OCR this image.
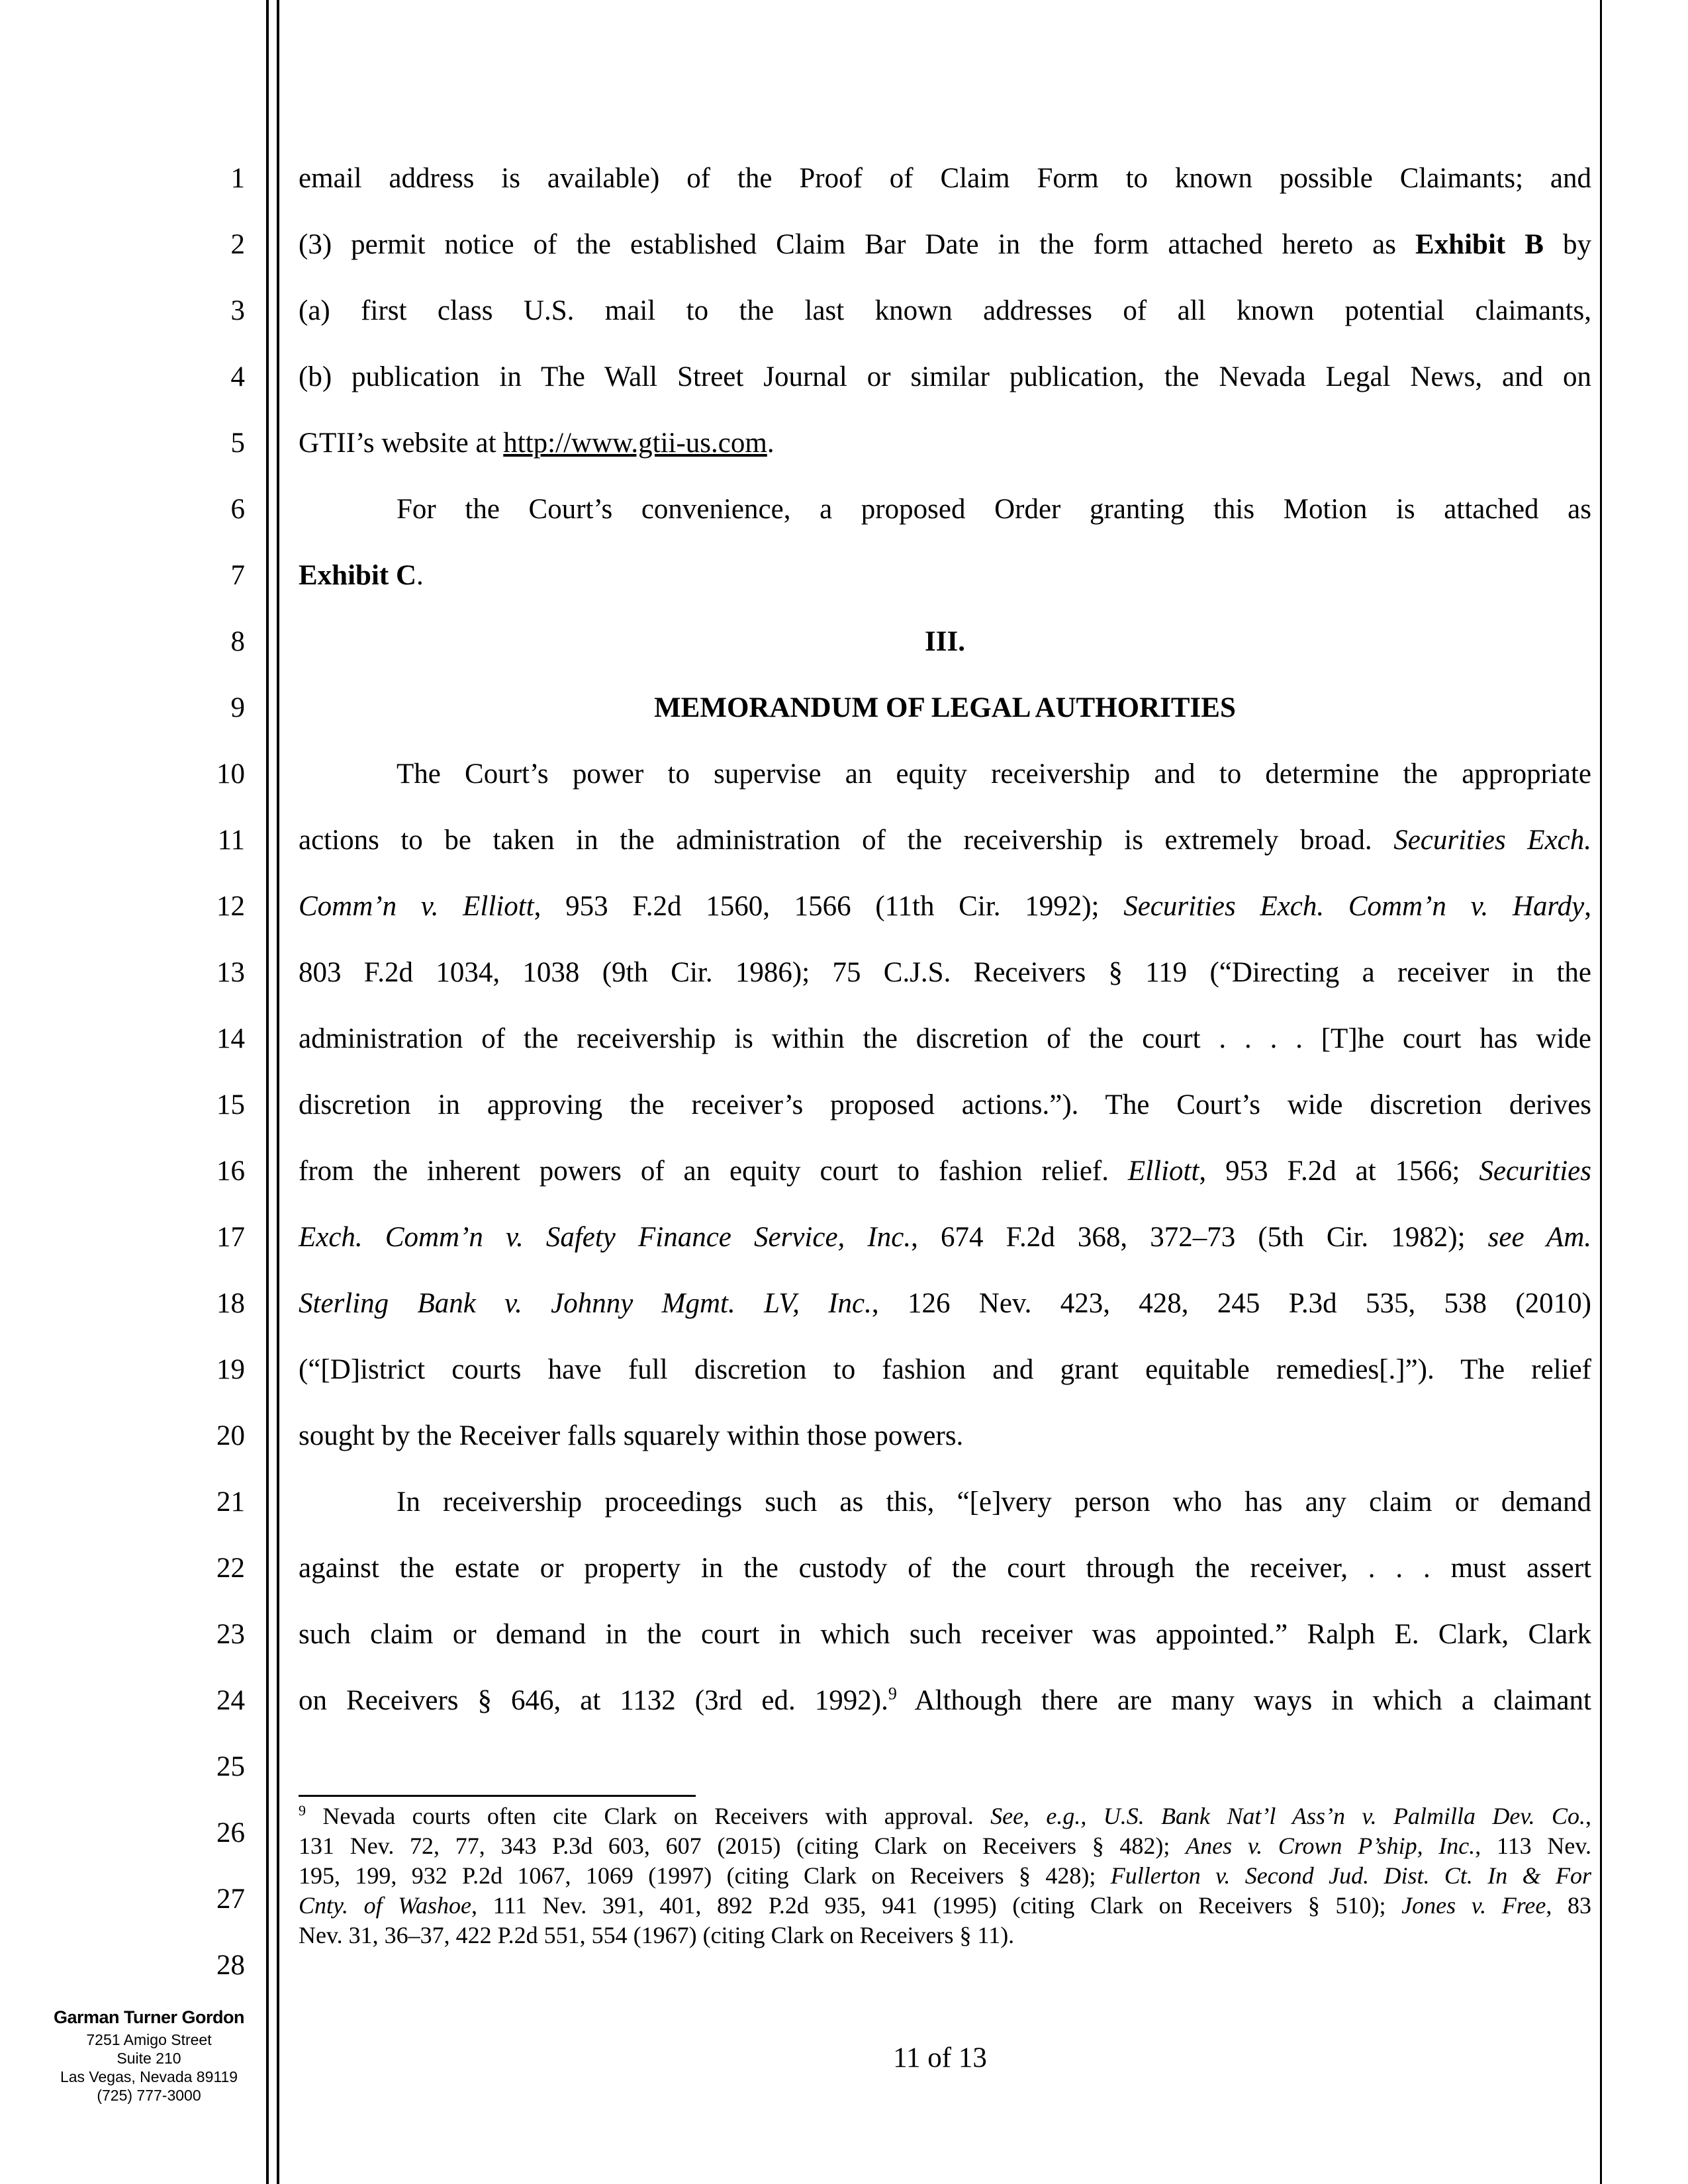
1
2
3
4
5
6
7
8
9
10
11
12
13
14
15
16
17
18
19
20
21
22
23
24
25
26
27
28
email address is available) of the Proof of Claim Form to known possible Claimants; and
(3) permit notice of the established Claim Bar Date in the form attached hereto as Exhibit B by
(a) first class U.S. mail to the last known addresses of all known potential claimants,
(b) publication in The Wall Street Journal or similar publication, the Nevada Legal News, and on
GTII’s website at http://www.gtii-us.com.
For the Court’s convenience, a proposed Order granting this Motion is attached as
Exhibit C.
III.
MEMORANDUM OF LEGAL AUTHORITIES
The Court’s power to supervise an equity receivership and to determine the appropriate
actions to be taken in the administration of the receivership is extremely broad. Securities Exch.
Comm’n v. Elliott, 953 F.2d 1560, 1566 (11th Cir. 1992); Securities Exch. Comm’n v. Hardy,
803 F.2d 1034, 1038 (9th Cir. 1986); 75 C.J.S. Receivers § 119 (“Directing a receiver in the
administration of the receivership is within the discretion of the court . . . . [T]he court has wide
discretion in approving the receiver’s proposed actions.”). The Court’s wide discretion derives
from the inherent powers of an equity court to fashion relief. Elliott, 953 F.2d at 1566; Securities
Exch. Comm’n v. Safety Finance Service, Inc., 674 F.2d 368, 372–73 (5th Cir. 1982); see Am.
Sterling Bank v. Johnny Mgmt. LV, Inc., 126 Nev. 423, 428, 245 P.3d 535, 538 (2010)
(“[D]istrict courts have full discretion to fashion and grant equitable remedies[.]”). The relief
sought by the Receiver falls squarely within those powers.
In receivership proceedings such as this, “[e]very person who has any claim or demand
against the estate or property in the custody of the court through the receiver, . . . must assert
such claim or demand in the court in which such receiver was appointed.” Ralph E. Clark, Clark
on Receivers § 646, at 1132 (3rd ed. 1992).$^9$ Although there are many ways in which a claimant
$^9$ Nevada courts often cite Clark on Receivers with approval. See, e.g., U.S. Bank Nat’l Ass’n v. Palmilla Dev. Co.,
131 Nev. 72, 77, 343 P.3d 603, 607 (2015) (citing Clark on Receivers § 482); Anes v. Crown P’ship, Inc., 113 Nev.
195, 199, 932 P.2d 1067, 1069 (1997) (citing Clark on Receivers § 428); Fullerton v. Second Jud. Dist. Ct. In & For
Cnty. of Washoe, 111 Nev. 391, 401, 892 P.2d 935, 941 (1995) (citing Clark on Receivers § 510); Jones v. Free, 83
Nev. 31, 36–37, 422 P.2d 551, 554 (1967) (citing Clark on Receivers § 11).
Garman Turner Gordon
7251 Amigo Street
Suite 210
Las Vegas, Nevada 89119
(725) 777-3000
11 of 13
